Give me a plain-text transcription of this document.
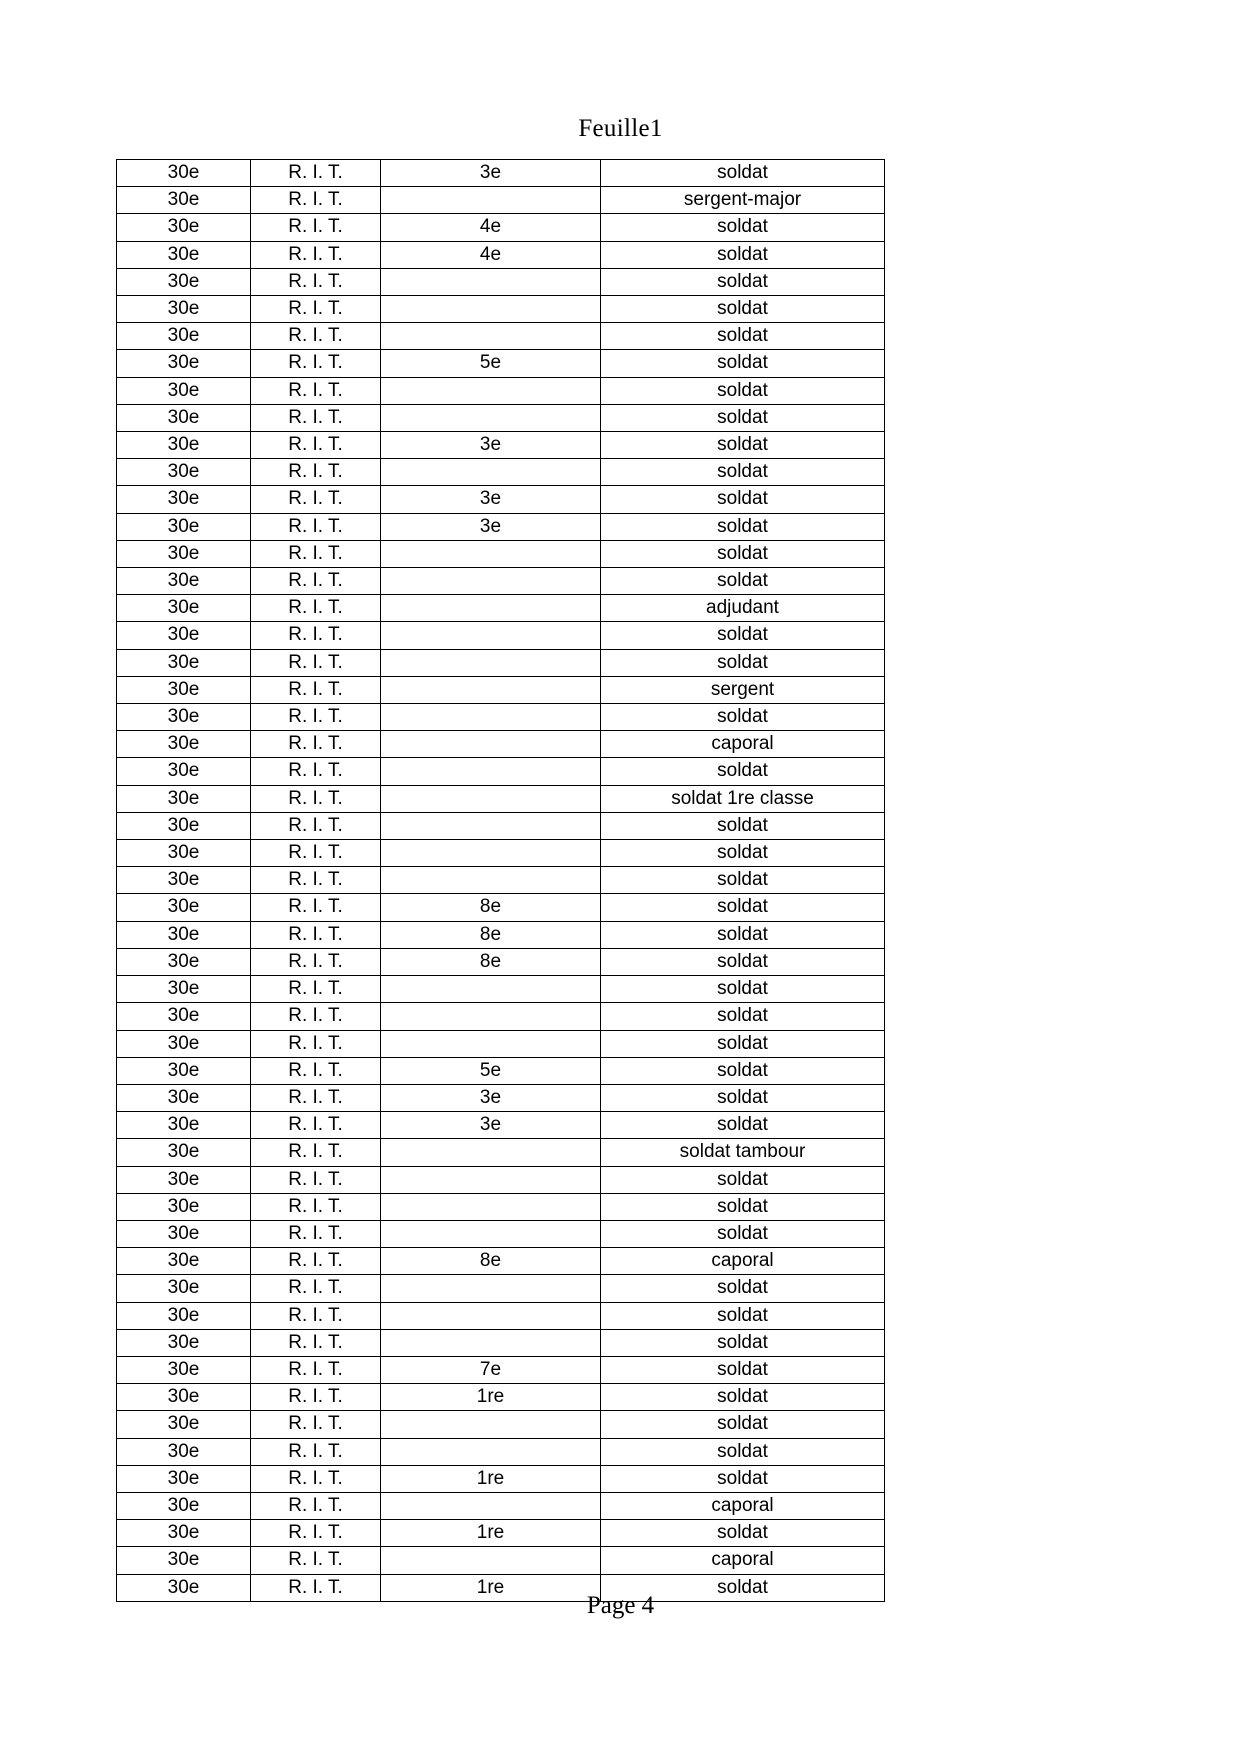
Feuille1
30e	R. I. T.	3e	soldat
30e	R. I. T.		sergent-major
30e	R. I. T.	4e	soldat
30e	R. I. T.	4e	soldat
30e	R. I. T.		soldat
30e	R. I. T.		soldat
30e	R. I. T.		soldat
30e	R. I. T.	5e	soldat
30e	R. I. T.		soldat
30e	R. I. T.		soldat
30e	R. I. T.	3e	soldat
30e	R. I. T.		soldat
30e	R. I. T.	3e	soldat
30e	R. I. T.	3e	soldat
30e	R. I. T.		soldat
30e	R. I. T.		soldat
30e	R. I. T.		adjudant
30e	R. I. T.		soldat
30e	R. I. T.		soldat
30e	R. I. T.		sergent
30e	R. I. T.		soldat
30e	R. I. T.		caporal
30e	R. I. T.		soldat
30e	R. I. T.		soldat 1re classe
30e	R. I. T.		soldat
30e	R. I. T.		soldat
30e	R. I. T.		soldat
30e	R. I. T.	8e	soldat
30e	R. I. T.	8e	soldat
30e	R. I. T.	8e	soldat
30e	R. I. T.		soldat
30e	R. I. T.		soldat
30e	R. I. T.		soldat
30e	R. I. T.	5e	soldat
30e	R. I. T.	3e	soldat
30e	R. I. T.	3e	soldat
30e	R. I. T.		soldat tambour
30e	R. I. T.		soldat
30e	R. I. T.		soldat
30e	R. I. T.		soldat
30e	R. I. T.	8e	caporal
30e	R. I. T.		soldat
30e	R. I. T.		soldat
30e	R. I. T.		soldat
30e	R. I. T.	7e	soldat
30e	R. I. T.	1re	soldat
30e	R. I. T.		soldat
30e	R. I. T.		soldat
30e	R. I. T.	1re	soldat
30e	R. I. T.		caporal
30e	R. I. T.	1re	soldat
30e	R. I. T.		caporal
30e	R. I. T.	1re	soldat
Page 4
